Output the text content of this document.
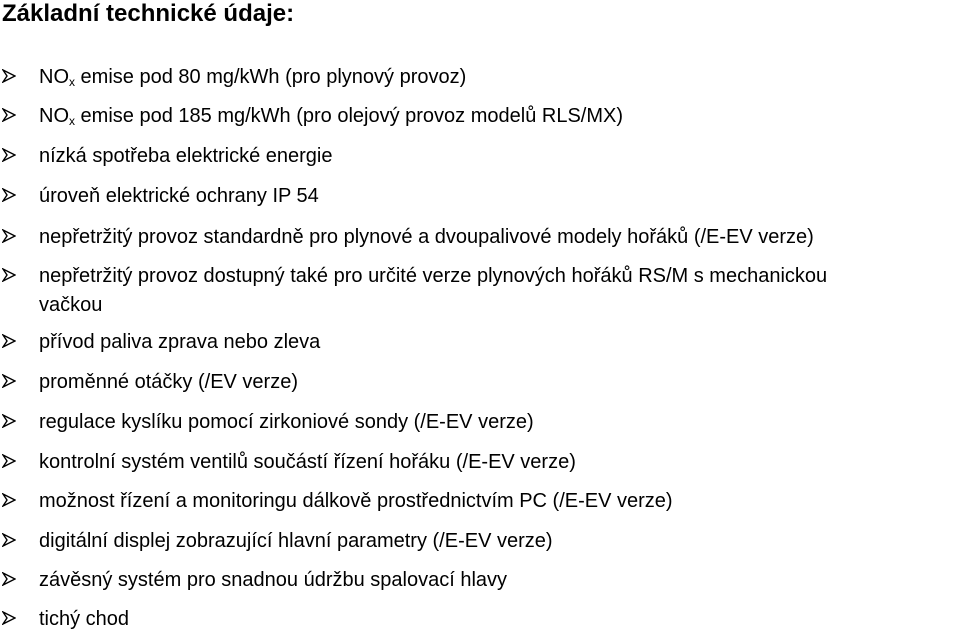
Základní technické údaje:
$NO_x$ emise pod 80 mg/kWh (pro plynový provoz)
$NO_x$ emise pod 185 mg/kWh (pro olejový provoz modelů RLS/MX)
nízká spotřeba elektrické energie
úroveň elektrické ochrany IP 54
nepřetržitý provoz standardně pro plynové a dvoupalivové modely hořáků (/E-EV verze)
nepřetržitý provoz dostupný také pro určité verze plynových hořáků RS/M s mechanickou
vačkou
přívod paliva zprava nebo zleva
proměnné otáčky (/EV verze)
regulace kyslíku pomocí zirkoniové sondy (/E-EV verze)
kontrolní systém ventilů součástí řízení hořáku (/E-EV verze)
možnost řízení a monitoringu dálkově prostřednictvím PC (/E-EV verze)
digitální displej zobrazující hlavní parametry (/E-EV verze)
závěsný systém pro snadnou údržbu spalovací hlavy
tichý chod
